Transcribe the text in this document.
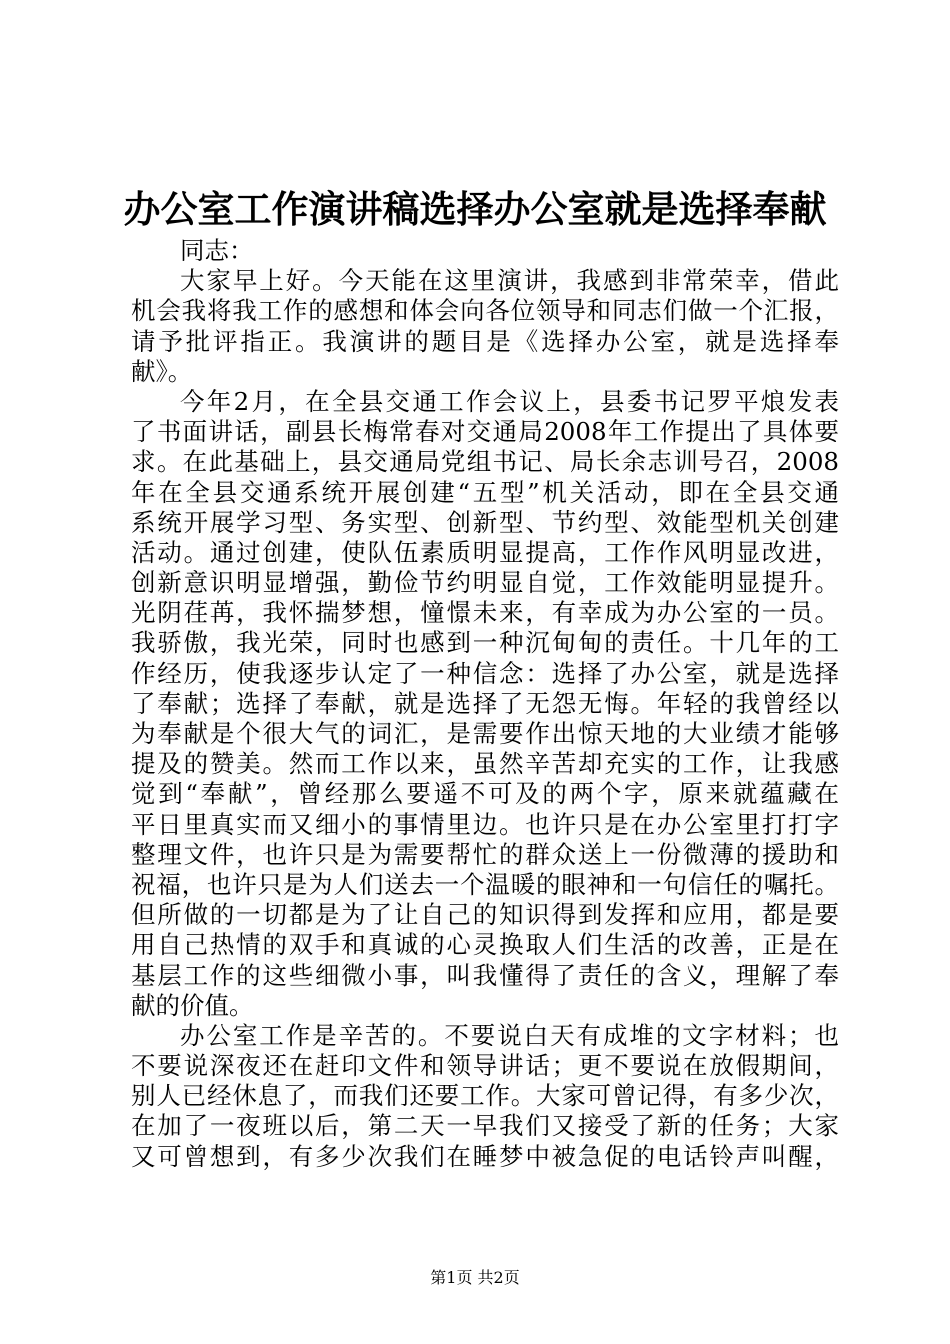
办公室工作演讲稿选择办公室就是选择奉献
同志：
大家早上好。今天能在这里演讲，我感到非常荣幸，借此
机会我将我工作的感想和体会向各位领导和同志们做一个汇报，
请予批评指正。我演讲的题目是《选择办公室，就是选择奉
献》。
今年2月，在全县交通工作会议上，县委书记罗平烺发表
了书面讲话，副县长梅常春对交通局2008年工作提出了具体要
求。在此基础上，县交通局党组书记、局长余志训号召，2008
年在全县交通系统开展创建“五型”机关活动，即在全县交通
系统开展学习型、务实型、创新型、节约型、效能型机关创建
活动。通过创建，使队伍素质明显提高，工作作风明显改进，
创新意识明显增强，勤俭节约明显自觉，工作效能明显提升。
光阴荏苒，我怀揣梦想，憧憬未来，有幸成为办公室的一员。
我骄傲，我光荣，同时也感到一种沉甸甸的责任。十几年的工
作经历，使我逐步认定了一种信念：选择了办公室，就是选择
了奉献；选择了奉献，就是选择了无怨无悔。年轻的我曾经以
为奉献是个很大气的词汇，是需要作出惊天地的大业绩才能够
提及的赞美。然而工作以来，虽然辛苦却充实的工作，让我感
觉到“奉献”，曾经那么要遥不可及的两个字，原来就蕴藏在
平日里真实而又细小的事情里边。也许只是在办公室里打打字
整理文件，也许只是为需要帮忙的群众送上一份微薄的援助和
祝福，也许只是为人们送去一个温暖的眼神和一句信任的嘱托。
但所做的一切都是为了让自己的知识得到发挥和应用，都是要
用自己热情的双手和真诚的心灵换取人们生活的改善，正是在
基层工作的这些细微小事，叫我懂得了责任的含义，理解了奉
献的价值。
办公室工作是辛苦的。不要说白天有成堆的文字材料；也
不要说深夜还在赶印文件和领导讲话；更不要说在放假期间，
别人已经休息了，而我们还要工作。大家可曾记得，有多少次，
在加了一夜班以后，第二天一早我们又接受了新的任务；大家
又可曾想到，有多少次我们在睡梦中被急促的电话铃声叫醒，
第1页 共2页
